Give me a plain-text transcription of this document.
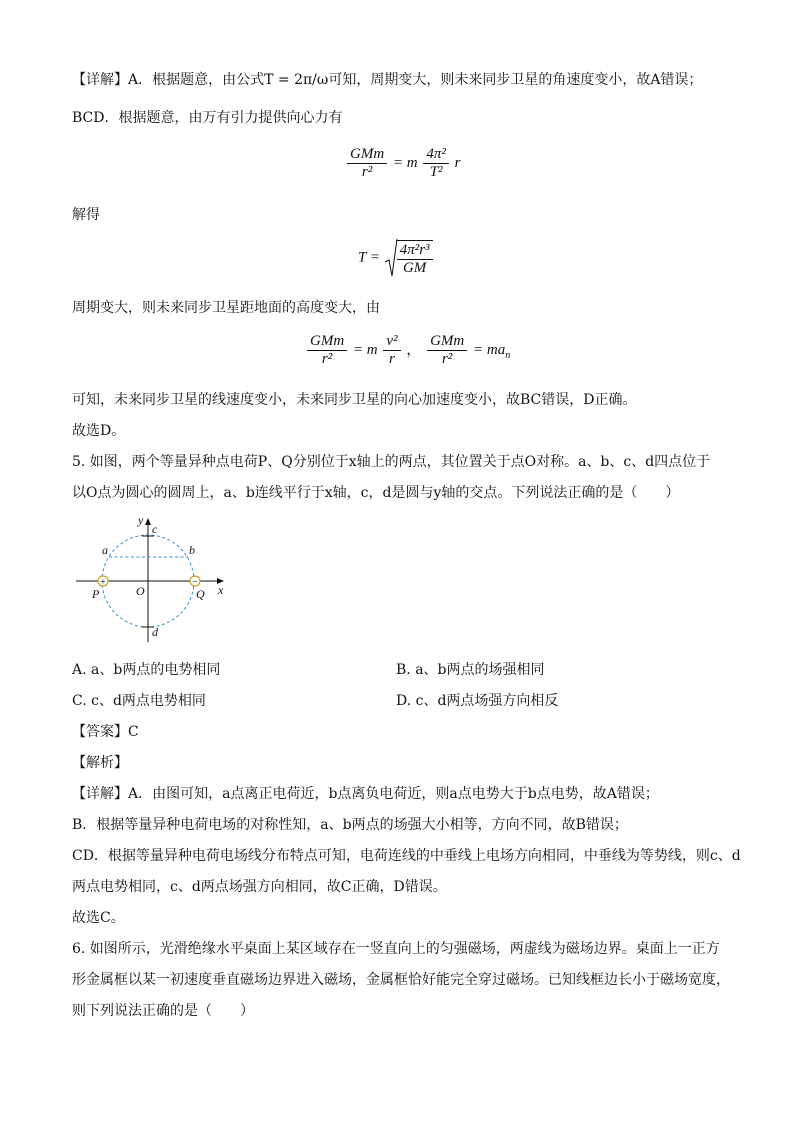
【详解】A．根据题意，由公式T = 2π/ω可知，周期变大，则未来同步卫星的角速度变小，故A错误；
BCD．根据题意，由万有引力提供向心力有
$\frac{\text{GMm}}{\text{r²}} = m \frac{\text{4π²}}{\text{T²}}$ r
解得
$T = \frac{\text{4π²r³}}{GM}$
周期变大，则未来同步卫星距地面的高度变大，由
$\frac{\text{GMm}}{\text{r²}} = m \frac{\text{v²}}{r}$ ， $\frac{\text{GMm}}{\text{r²}} = ma_n$
可知，未来同步卫星的线速度变小，未来同步卫星的向心加速度变小，故BC错误，D正确。
故选D。
5. 如图，两个等量异种点电荷P、Q分别位于x轴上的两点，其位置关于点O对称。a、b、c、d四点位于
以O点为圆心的圆周上，a、b连线平行于x轴，c，d是圆与y轴的交点。下列说法正确的是（　　）
+	−
y
x
c
a	b
P	O	Q
d
A. a、b两点的电势相同	B. a、b两点的场强相同
C. c、d两点电势相同	D. c、d两点场强方向相反
【答案】C
【解析】
【详解】A．由图可知，a点离正电荷近，b点离负电荷近，则a点电势大于b点电势，故A错误；
B．根据等量异种电荷电场的对称性知，a、b两点的场强大小相等，方向不同，故B错误；
CD．根据等量异种电荷电场线分布特点可知，电荷连线的中垂线上电场方向相同，中垂线为等势线，则c、d
两点电势相同，c、d两点场强方向相同，故C正确，D错误。
故选C。
6. 如图所示，光滑绝缘水平桌面上某区域存在一竖直向上的匀强磁场，两虚线为磁场边界。桌面上一正方
形金属框以某一初速度垂直磁场边界进入磁场，金属框恰好能完全穿过磁场。已知线框边长小于磁场宽度，
则下列说法正确的是（　　）
